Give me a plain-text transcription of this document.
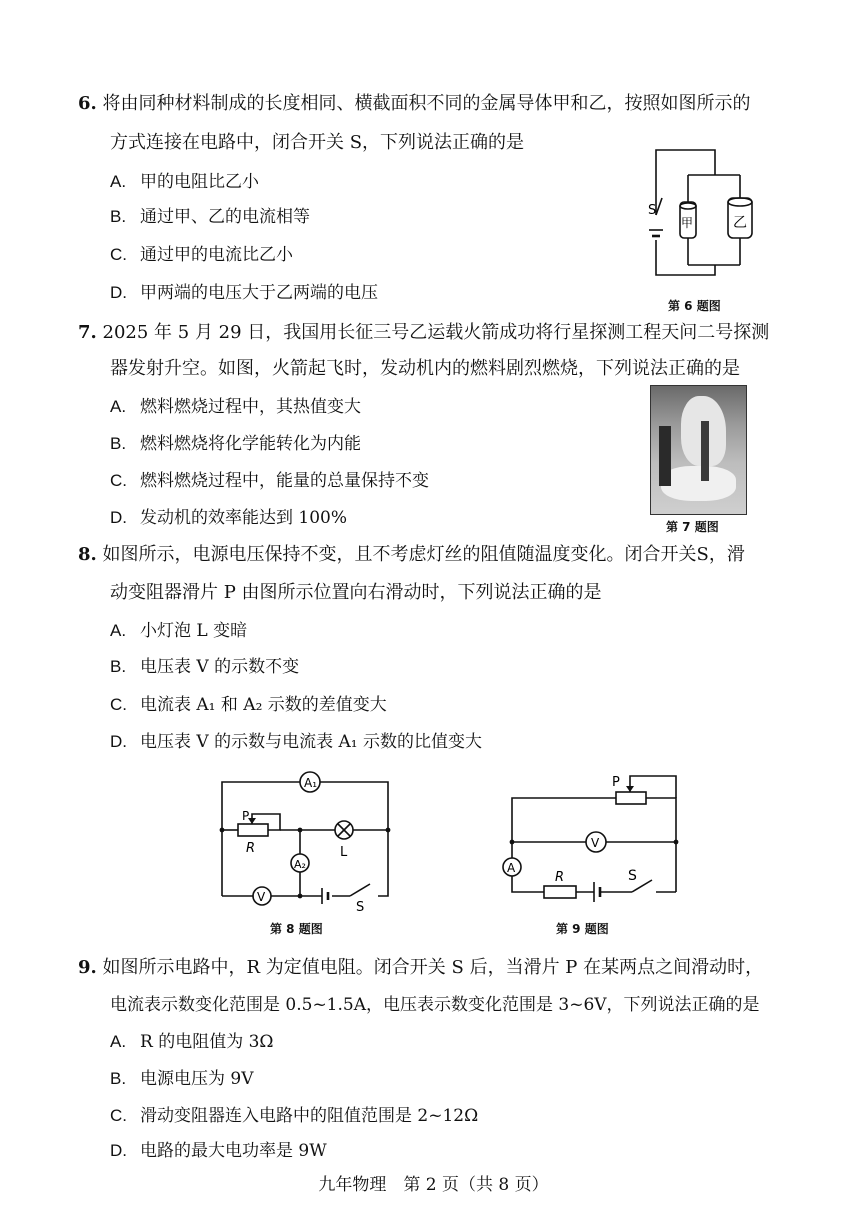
6. 将由同种材料制成的长度相同、横截面积不同的金属导体甲和乙，按照如图所示的
方式连接在电路中，闭合开关 S，下列说法正确的是
A. 甲的电阻比乙小
B. 通过甲、乙的电流相等
C. 通过甲的电流比乙小
D. 甲两端的电压大于乙两端的电压
S
甲	乙
第 6 题图
7. 2025 年 5 月 29 日，我国用长征三号乙运载火箭成功将行星探测工程天问二号探测
器发射升空。如图，火箭起飞时，发动机内的燃料剧烈燃烧，下列说法正确的是
A. 燃料燃烧过程中，其热值变大
B. 燃料燃烧将化学能转化为内能
C. 燃料燃烧过程中，能量的总量保持不变
D. 发动机的效率能达到 100%	第 7 题图
8. 如图所示，电源电压保持不变，且不考虑灯丝的阻值随温度变化。闭合开关S，滑
动变阻器滑片 P 由图所示位置向右滑动时，下列说法正确的是
A. 小灯泡 L 变暗
B. 电压表 V 的示数不变
C. 电流表 A₁ 和 A₂ 示数的差值变大
D. 电压表 V 的示数与电流表 A₁ 示数的比值变大
A₁
A₂
V
P
R	L
S
第 8 题图
A
V
P
R	S
第 9 题图
9. 如图所示电路中，R 为定值电阻。闭合开关 S 后，当滑片 P 在某两点之间滑动时，
电流表示数变化范围是 0.5~1.5A，电压表示数变化范围是 3~6V，下列说法正确的是
A. R 的电阻值为 3Ω
B. 电源电压为 9V
C. 滑动变阻器连入电路中的阻值范围是 2~12Ω
D. 电路的最大电功率是 9W
九年物理　第 2 页（共 8 页）
